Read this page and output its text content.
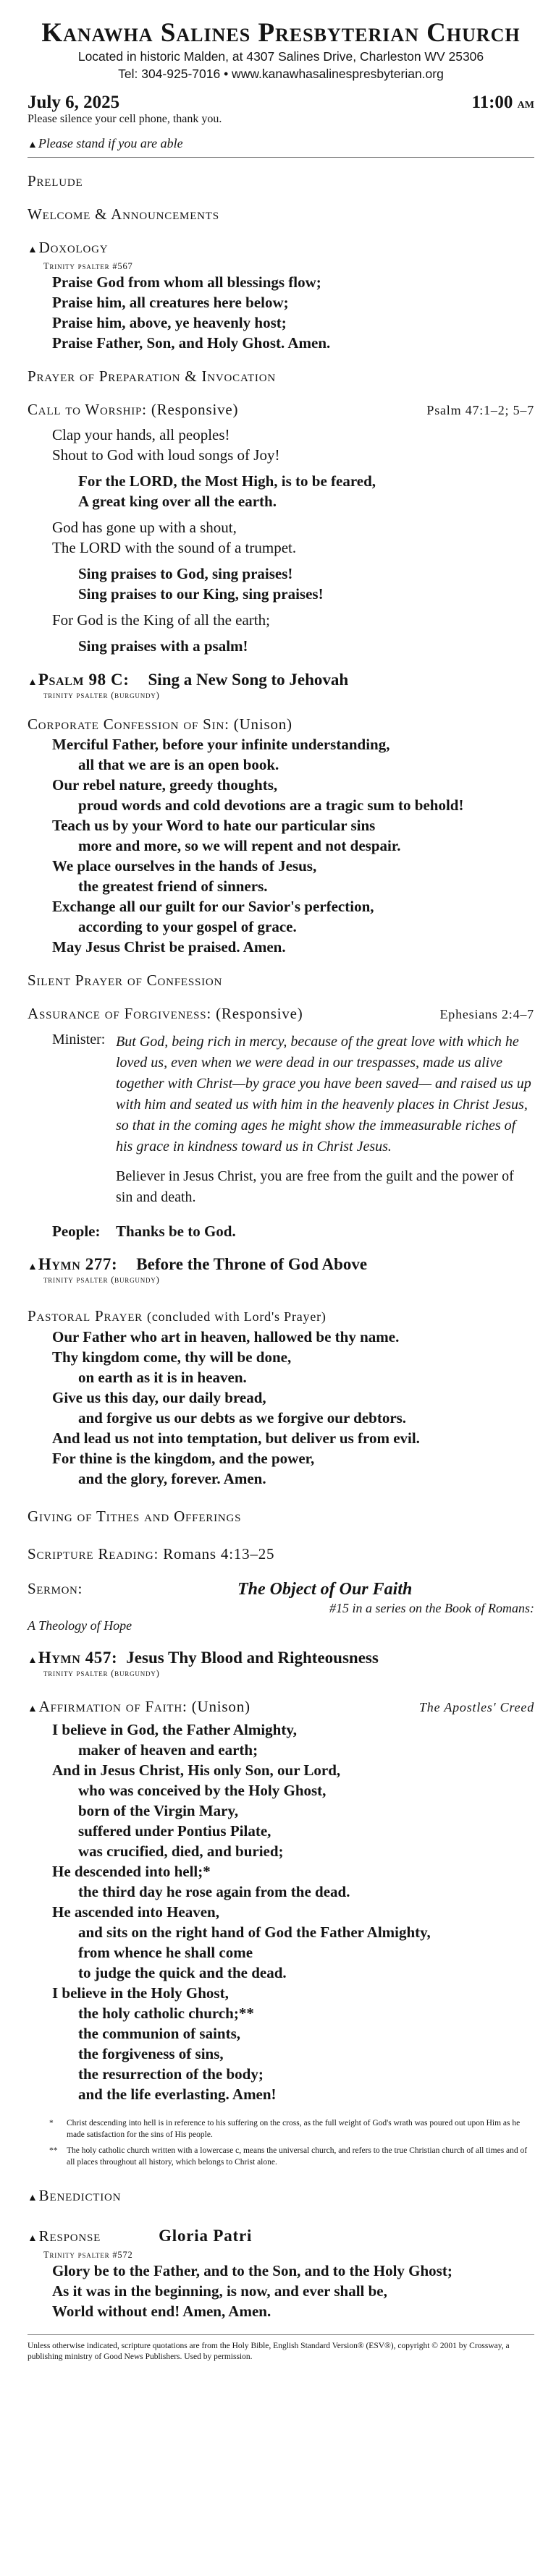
Kanawha Salines Presbyterian Church
Located in historic Malden, at 4307 Salines Drive, Charleston WV 25306
Tel: 304-925-7016 • www.kanawhasalinespresbyterian.org
July 6, 2025	11:00 am
Please silence your cell phone, thank you.
▲Please stand if you are able
Prelude
Welcome & Announcements
▲Doxology
Trinity psalter #567
Praise God from whom all blessings flow;
Praise him, all creatures here below;
Praise him, above, ye heavenly host;
Praise Father, Son, and Holy Ghost. Amen.
Prayer of Preparation & Invocation
Call to Worship: (Responsive)	Psalm 47:1–2; 5–7
Clap your hands, all peoples!
Shout to God with loud songs of Joy!
For the LORD, the Most High, is to be feared,
A great king over all the earth.
God has gone up with a shout,
The LORD with the sound of a trumpet.
Sing praises to God, sing praises!
Sing praises to our King, sing praises!
For God is the King of all the earth;
Sing praises with a psalm!
▲Psalm 98 C: Sing a New Song to Jehovah
trinity psalter (burgundy)
Corporate Confession of Sin: (Unison)
Merciful Father, before your infinite understanding,
all that we are is an open book.
Our rebel nature, greedy thoughts,
proud words and cold devotions are a tragic sum to behold!
Teach us by your Word to hate our particular sins
more and more, so we will repent and not despair.
We place ourselves in the hands of Jesus,
the greatest friend of sinners.
Exchange all our guilt for our Savior's perfection,
according to your gospel of grace.
May Jesus Christ be praised. Amen.
Silent Prayer of Confession
Assurance of Forgiveness: (Responsive)	Ephesians 2:4–7
Minister: But God, being rich in mercy, because of the great love with which he loved us, even when we were dead in our trespasses, made us alive together with Christ—by grace you have been saved— and raised us up with him and seated us with him in the heavenly places in Christ Jesus, so that in the coming ages he might show the immeasurable riches of his grace in kindness toward us in Christ Jesus.
Believer in Jesus Christ, you are free from the guilt and the power of sin and death.
People:	Thanks be to God.
▲Hymn 277: Before the Throne of God Above
trinity psalter (burgundy)
Pastoral Prayer (concluded with Lord's Prayer)
Our Father who art in heaven, hallowed be thy name.
Thy kingdom come, thy will be done,
on earth as it is in heaven.
Give us this day, our daily bread,
and forgive us our debts as we forgive our debtors.
And lead us not into temptation, but deliver us from evil.
For thine is the kingdom, and the power,
and the glory, forever. Amen.
Giving of Tithes and Offerings
Scripture Reading: Romans 4:13–25
Sermon:	The Object of Our Faith
#15 in a series on the Book of Romans:
A Theology of Hope
▲Hymn 457: Jesus Thy Blood and Righteousness
trinity psalter (burgundy)
▲Affirmation of Faith: (Unison)	The Apostles' Creed
I believe in God, the Father Almighty,
maker of heaven and earth;
And in Jesus Christ, His only Son, our Lord,
who was conceived by the Holy Ghost,
born of the Virgin Mary,
suffered under Pontius Pilate,
was crucified, died, and buried;
He descended into hell;*
the third day he rose again from the dead.
He ascended into Heaven,
and sits on the right hand of God the Father Almighty,
from whence he shall come
to judge the quick and the dead.
I believe in the Holy Ghost,
the holy catholic church;**
the communion of saints,
the forgiveness of sins,
the resurrection of the body;
and the life everlasting. Amen!
*	Christ descending into hell is in reference to his suffering on the cross, as the full weight of God's wrath was poured out upon Him as he made satisfaction for the sins of His people.
**	The holy catholic church written with a lowercase c, means the universal church, and refers to the true Christian church of all times and of all places throughout all history, which belongs to Christ alone.
▲Benediction
▲Response	Gloria Patri
Trinity psalter #572
Glory be to the Father, and to the Son, and to the Holy Ghost;
As it was in the beginning, is now, and ever shall be,
World without end! Amen, Amen.
Unless otherwise indicated, scripture quotations are from the Holy Bible, English Standard Version® (ESV®), copyright © 2001 by Crossway, a publishing ministry of Good News Publishers. Used by permission.
